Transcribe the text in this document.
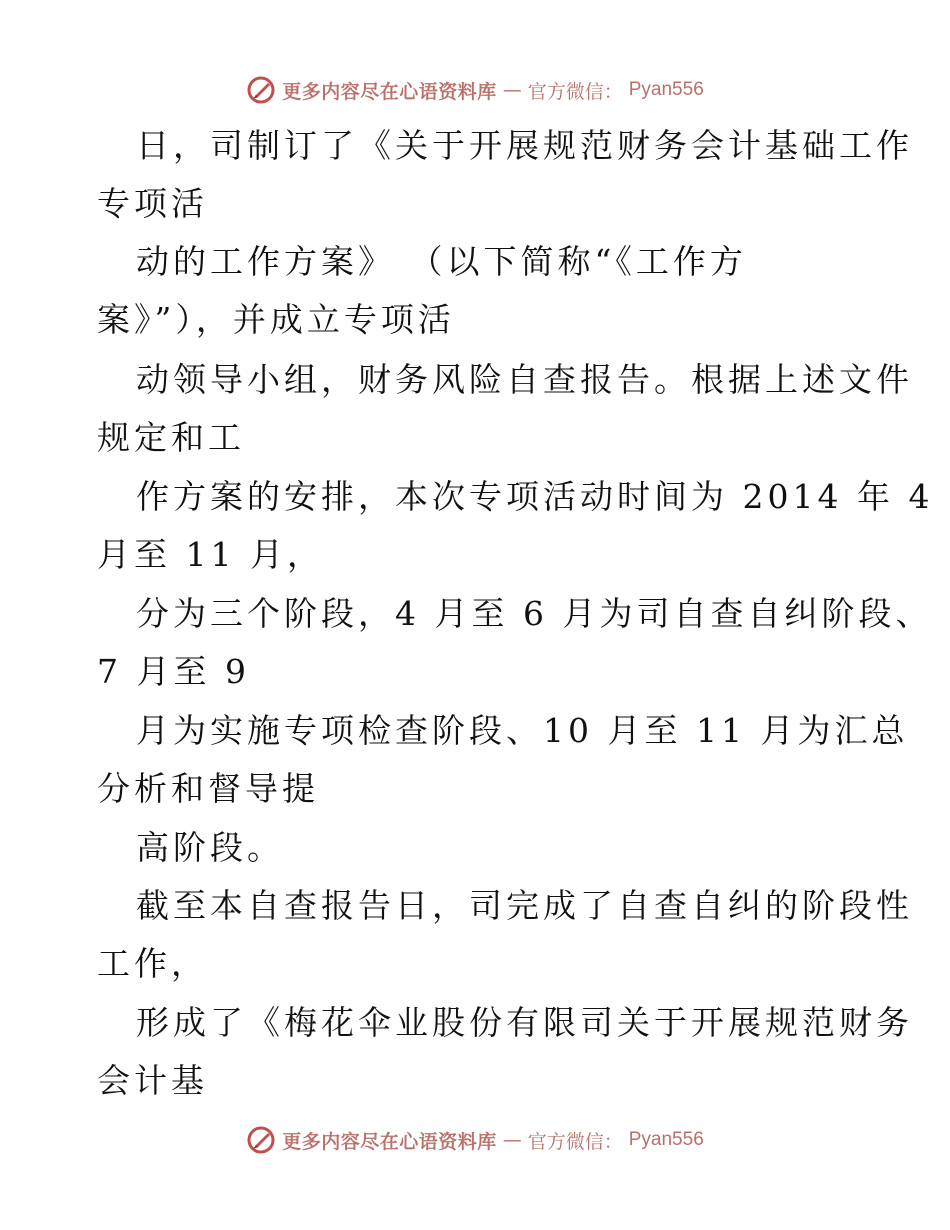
更多内容尽在心语资料库 — 官方微信： Pyan556
日，司制订了《关于开展规范财务会计基础工作
专项活
动的工作方案》 （以下简称“《工作方
案》”），并成立专项活
动领导小组，财务风险自查报告。根据上述文件
规定和工
作方案的安排，本次专项活动时间为 2014 年 4
月至 11 月，
分为三个阶段，4 月至 6 月为司自查自纠阶段、
7 月至 9
月为实施专项检查阶段、10 月至 11 月为汇总
分析和督导提
高阶段。
截至本自查报告日，司完成了自查自纠的阶段性
工作，
形成了《梅花伞业股份有限司关于开展规范财务
会计基
更多内容尽在心语资料库 — 官方微信： Pyan556
